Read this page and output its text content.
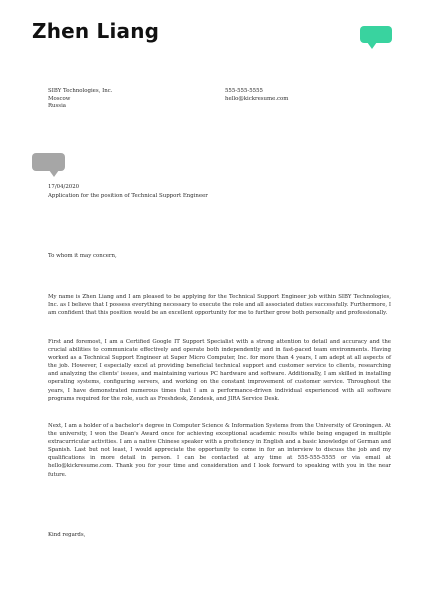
Zhen Liang
SIBY Technologies, Inc.
Moscow
Russia
555-555-5555
hello@kickresume.com
17/04/2020
Application for the position of Technical Support Engineer
To whom it may concern,

My name is Zhen Liang and I am pleased to be applying for the Technical Support Engineer job within SIBY Technologies, Inc. as I believe that I possess everything necessary to execute the role and all associated duties successfully. Furthermore, I am confident that this position would be an excellent opportunity for me to further grow both personally and professionally.

First and foremost, I am a Certified Google IT Support Specialist with a strong attention to detail and accuracy and the crucial abilities to communicate effectively and operate both independently and in fast-paced team environments. Having worked as a Technical Support Engineer at Super Micro Computer, Inc. for more than 4 years, I am adept at all aspects of the job. However, I especially excel at providing beneficial technical support and customer service to clients, researching and analyzing the clients' issues, and maintaining various PC hardware and software. Additionally, I am skilled in installing operating systems, configuring servers, and working on the constant improvement of customer service. Throughout the years, I have demonstrated numerous times that I am a performance-driven individual experienced with all software programs required for the role, such as Freshdesk, Zendesk, and JIRA Service Desk.

Next, I am a holder of a bachelor's degree in Computer Science & Information Systems from the University of Groningen. At the university, I won the Dean's Award once for achieving exceptional academic results while being engaged in multiple extracurricular activities. I am a native Chinese speaker with a proficiency in English and a basic knowledge of German and Spanish. Last but not least, I would appreciate the opportunity to come in for an interview to discuss the job and my qualifications in more detail in person. I can be contacted at any time at 555-555-5555 or via email at hello@kickresume.com. Thank you for your time and consideration and I look forward to speaking with you in the near future.

Kind regards,
